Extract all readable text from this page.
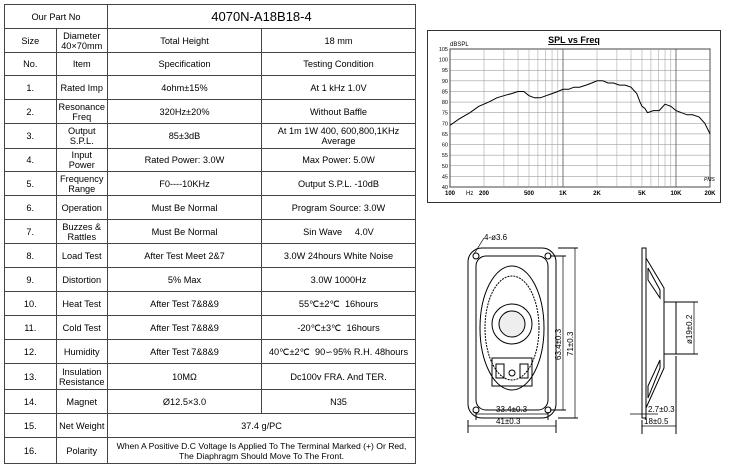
Our Part No		4070N-A18B18-4	
Size	Diameter 40×70mm	Total Height	18 mm
No.	Item	Specification	Testing Condition
1.	Rated Imp	4ohm±15%	At 1 kHz 1.0V
2.	Resonance Freq	320Hz±20%	Without Baffle
3.	Output S.P.L.	85±3dB	At 1m 1W 400, 600,800,1KHz Average
4.	Input Power	Rated Power: 3.0W	Max Power: 5.0W
5.	Frequency Range	F0----10KHz	Output S.P.L. -10dB
6.	Operation	Must Be Normal	Program Source: 3.0W
7.	Buzzes & Rattles	Must Be Normal	Sin Wave     4.0V
8.	Load Test	After Test Meet 2&7	3.0W 24hours White Noise
9.	Distortion	5% Max	3.0W 1000Hz
10.	Heat Test	After Test 7&8&9	55℃±2℃  16hours
11.	Cold Test	After Test 7&8&9	-20℃±3℃  16hours
12.	Humidity	After Test 7&8&9	40℃±2℃  90∽95% R.H. 48hours
13.	Insulation Resistance	10MΩ	Dc100v FRA. And TER.
14.	Magnet	Ø12.5×3.0	N35
15.	Net Weight	37.4 g/PC	
16.	Polarity	When A Positive D.C Voltage Is Applied To The Terminal Marked (+) Or Red, The Diaphragm Should Move To The Front.	
SPL vs Freq
dBSPL
40
45
50
55
60
65
70
75
80
85
90
95
100
105
100	200	500	1K	2K	5K	10K	20K
Hz
PMS
4-ø3.6
33.4±0.3
41±0.3
63.4±0.3 71±0.3	ø19±0.2
2.7±0.3
18±0.5
